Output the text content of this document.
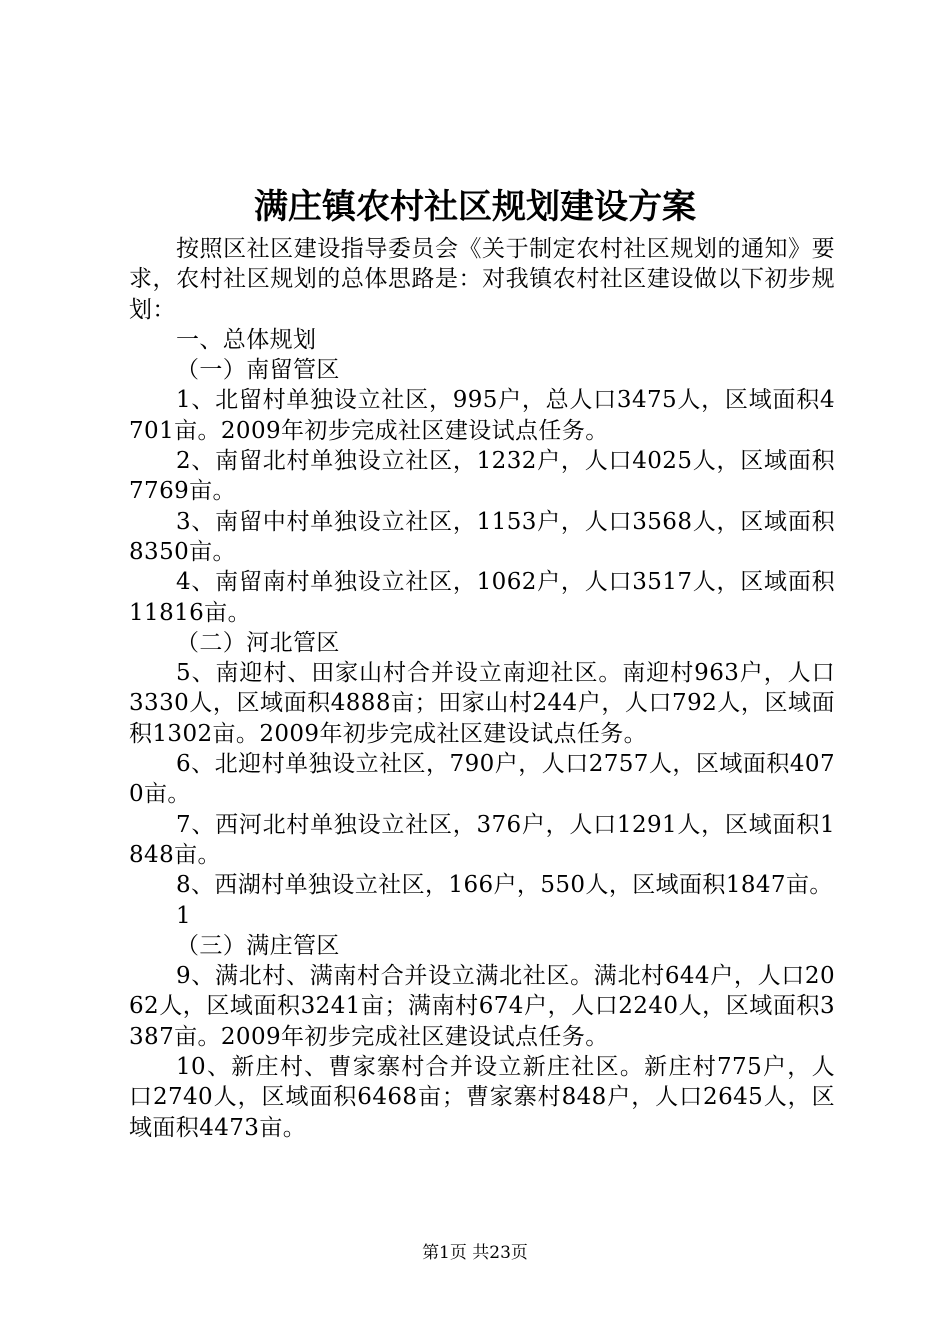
满庄镇农村社区规划建设方案

按照区社区建设指导委员会《关于制定农村社区规划的通知》要求，农村社区规划的总体思路是：对我镇农村社区建设做以下初步规划：

一、总体规划

（一）南留管区

1、北留村单独设立社区，995户，总人口3475人，区域面积4701亩。2009年初步完成社区建设试点任务。

2、南留北村单独设立社区，1232户，人口4025人，区域面积7769亩。

3、南留中村单独设立社区，1153户，人口3568人，区域面积8350亩。

4、南留南村单独设立社区，1062户，人口3517人，区域面积11816亩。

（二）河北管区

5、南迎村、田家山村合并设立南迎社区。南迎村963户，人口3330人，区域面积4888亩；田家山村244户，人口792人，区域面积1302亩。2009年初步完成社区建设试点任务。

6、北迎村单独设立社区，790户，人口2757人，区域面积4070亩。

7、西河北村单独设立社区，376户，人口1291人，区域面积1848亩。

8、西湖村单独设立社区，166户，550人，区域面积1847亩。

1

（三）满庄管区

9、满北村、满南村合并设立满北社区。满北村644户，人口2062人，区域面积3241亩；满南村674户，人口2240人，区域面积3387亩。2009年初步完成社区建设试点任务。

10、新庄村、曹家寨村合并设立新庄社区。新庄村775户，人口2740人，区域面积6468亩；曹家寨村848户，人口2645人，区域面积4473亩。

第1页 共23页
